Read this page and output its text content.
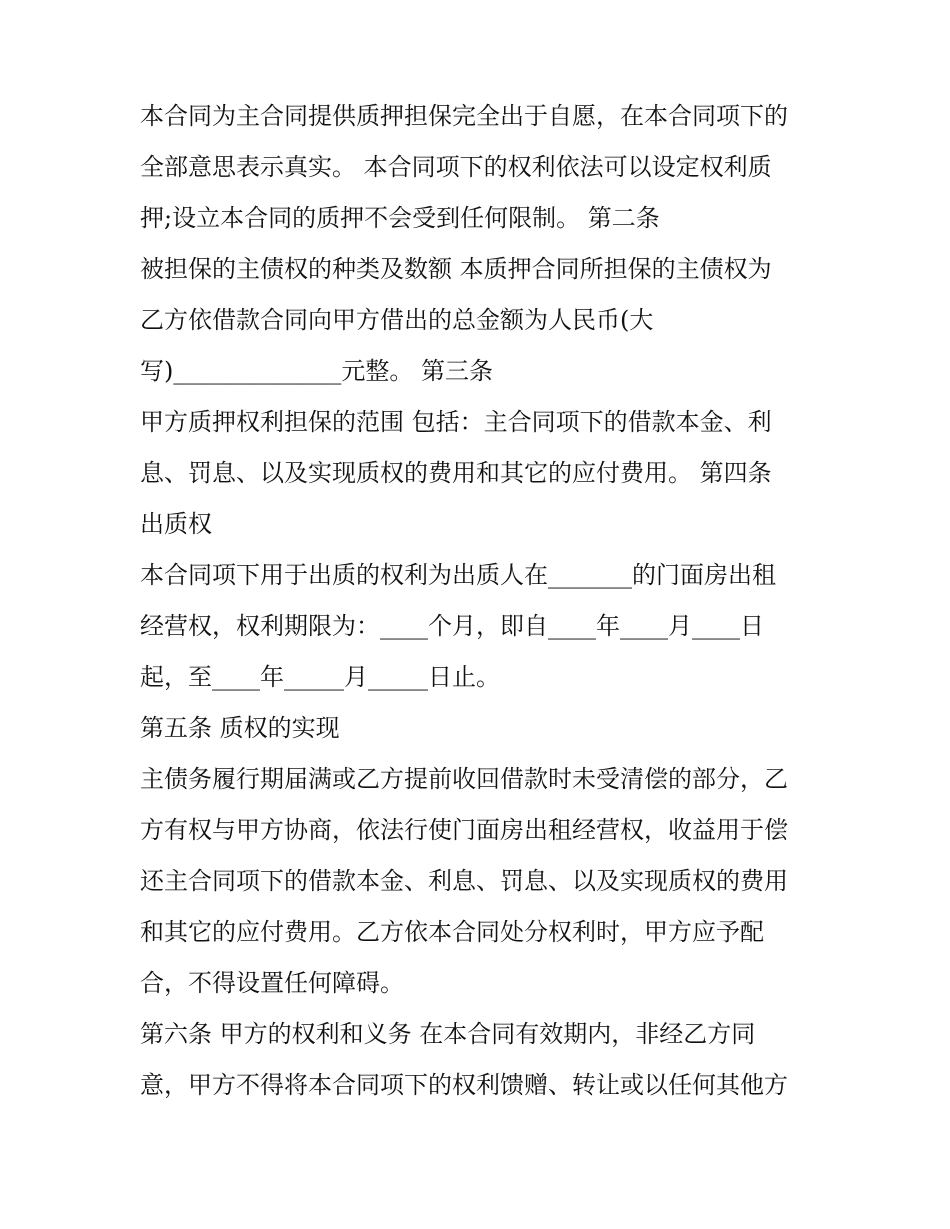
本合同为主合同提供质押担保完全出于自愿，在本合同项下的
全部意思表示真实。 本合同项下的权利依法可以设定权利质
押;设立本合同的质押不会受到任何限制。 第二条
被担保的主债权的种类及数额 本质押合同所担保的主债权为
乙方依借款合同向甲方借出的总金额为人民币(大
写)______________元整。 第三条
甲方质押权利担保的范围 包括：主合同项下的借款本金、利
息、罚息、以及实现质权的费用和其它的应付费用。 第四条
出质权
本合同项下用于出质的权利为出质人在_______的门面房出租
经营权，权利期限为：____个月，即自____年____月____日
起，至____年_____月_____日止。
第五条 质权的实现
主债务履行期届满或乙方提前收回借款时未受清偿的部分，乙
方有权与甲方协商，依法行使门面房出租经营权，收益用于偿
还主合同项下的借款本金、利息、罚息、以及实现质权的费用
和其它的应付费用。乙方依本合同处分权利时，甲方应予配
合，不得设置任何障碍。
第六条 甲方的权利和义务 在本合同有效期内，非经乙方同
意，甲方不得将本合同项下的权利馈赠、转让或以任何其他方
